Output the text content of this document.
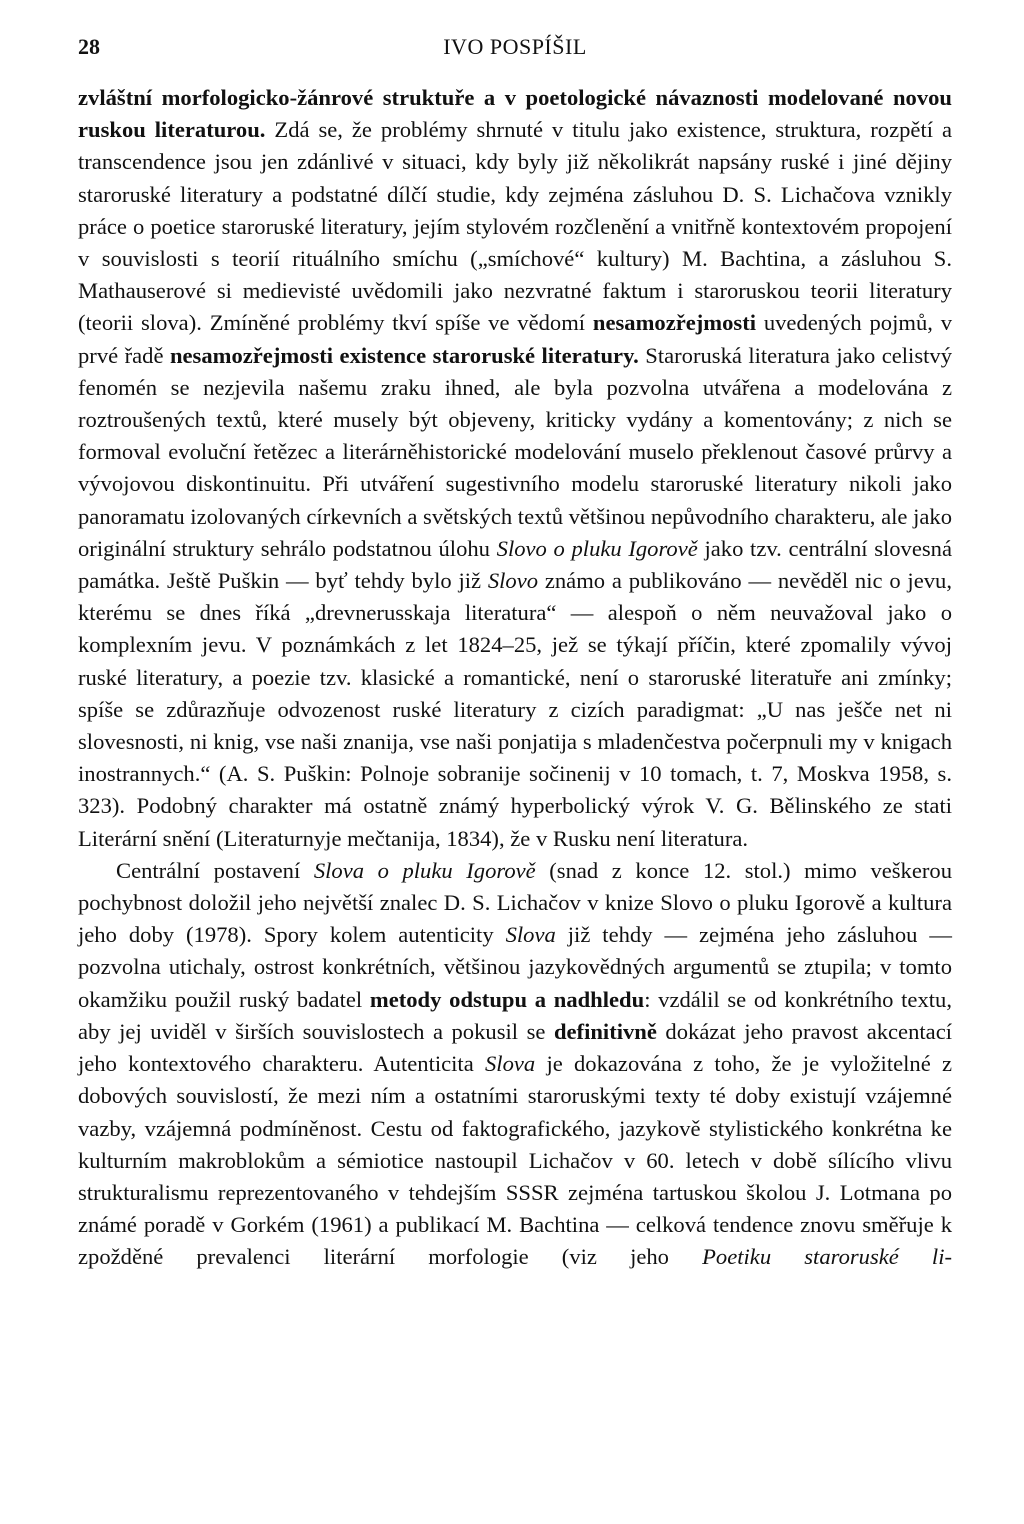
28	IVO POSPÍŠIL

zvláštní morfologicko-žánrové struktuře a v poetologické návaznosti modelované novou ruskou literaturou. Zdá se, že problémy shrnuté v titulu jako existence, struktura, rozpětí a transcendence jsou jen zdánlivé v situaci, kdy byly již několikrát napsány ruské i jiné dějiny staroruské literatury a podstatné dílčí studie, kdy zejména zásluhou D. S. Lichačova vznikly práce o poetice staroruské literatury, jejím stylovém rozčlenění a vnitřně kontextovém propojení v souvislosti s teorií rituálního smíchu („smíchové“ kultury) M. Bachtina, a zásluhou S. Mathauserové si medievisté uvědomili jako nezvratné faktum i staroruskou teorii literatury (teorii slova). Zmíněné problémy tkví spíše ve vědomí nesamozřejmosti uvedených pojmů, v prvé řadě nesamozřejmosti existence staroruské literatury. Staroruská literatura jako celistvý fenomén se nezjevila našemu zraku ihned, ale byla pozvolna utvářena a modelována z roztroušených textů, které musely být objeveny, kriticky vydány a komentovány; z nich se formoval evoluční řetězec a literárněhistorické modelování muselo překlenout časové průrvy a vývojovou diskontinuitu. Při utváření sugestivního modelu staroruské literatury nikoli jako panoramatu izolovaných církevních a světských textů většinou nepůvodního charakteru, ale jako originální struktury sehrálo podstatnou úlohu Slovo o pluku Igorově jako tzv. centrální slovesná památka. Ještě Puškin — byť tehdy bylo již Slovo známo a publikováno — nevěděl nic o jevu, kterému se dnes říká „drevnerusskaja literatura“ — alespoň o něm neuvažoval jako o komplexním jevu. V poznámkách z let 1824–25, jež se týkají příčin, které zpomalily vývoj ruské literatury, a poezie tzv. klasické a romantické, není o staroruské literatuře ani zmínky; spíše se zdůrazňuje odvozenost ruské literatury z cizích paradigmat: „U nas ješče net ni slovesnosti, ni knig, vse naši znanija, vse naši ponjatija s mladenčestva počerpnuli my v knigach inostrannych.“ (A. S. Puškin: Polnoje sobranije sočinenij v 10 tomach, t. 7, Moskva 1958, s. 323). Podobný charakter má ostatně známý hyperbolický výrok V. G. Bělinského ze stati Literární snění (Literaturnyje mečtanija, 1834), že v Rusku není literatura.

Centrální postavení Slova o pluku Igorově (snad z konce 12. stol.) mimo veškerou pochybnost doložil jeho největší znalec D. S. Lichačov v knize Slovo o pluku Igorově a kultura jeho doby (1978). Spory kolem autenticity Slova již tehdy — zejména jeho zásluhou — pozvolna utichaly, ostrost konkrétních, většinou jazykovědných argumentů se ztupila; v tomto okamžiku použil ruský badatel metody odstupu a nadhledu: vzdálil se od konkrétního textu, aby jej uviděl v širších souvislostech a pokusil se definitivně dokázat jeho pravost akcentací jeho kontextového charakteru. Autenticita Slova je dokazována z toho, že je vyložitelné z dobových souvislostí, že mezi ním a ostatními staroruskými texty té doby existují vzájemné vazby, vzájemná podmíněnost. Cestu od faktografického, jazykově stylistického konkrétna ke kulturním makroblokům a sémiotice nastoupil Lichačov v 60. letech v době sílícího vlivu strukturalismu reprezentovaného v tehdejším SSSR zejména tartuskou školou J. Lotmana po známé poradě v Gorkém (1961) a publikací M. Bachtina — celková tendence znovu směřuje k zpožděné prevalenci literární morfologie (viz jeho Poetiku staroruské li-
